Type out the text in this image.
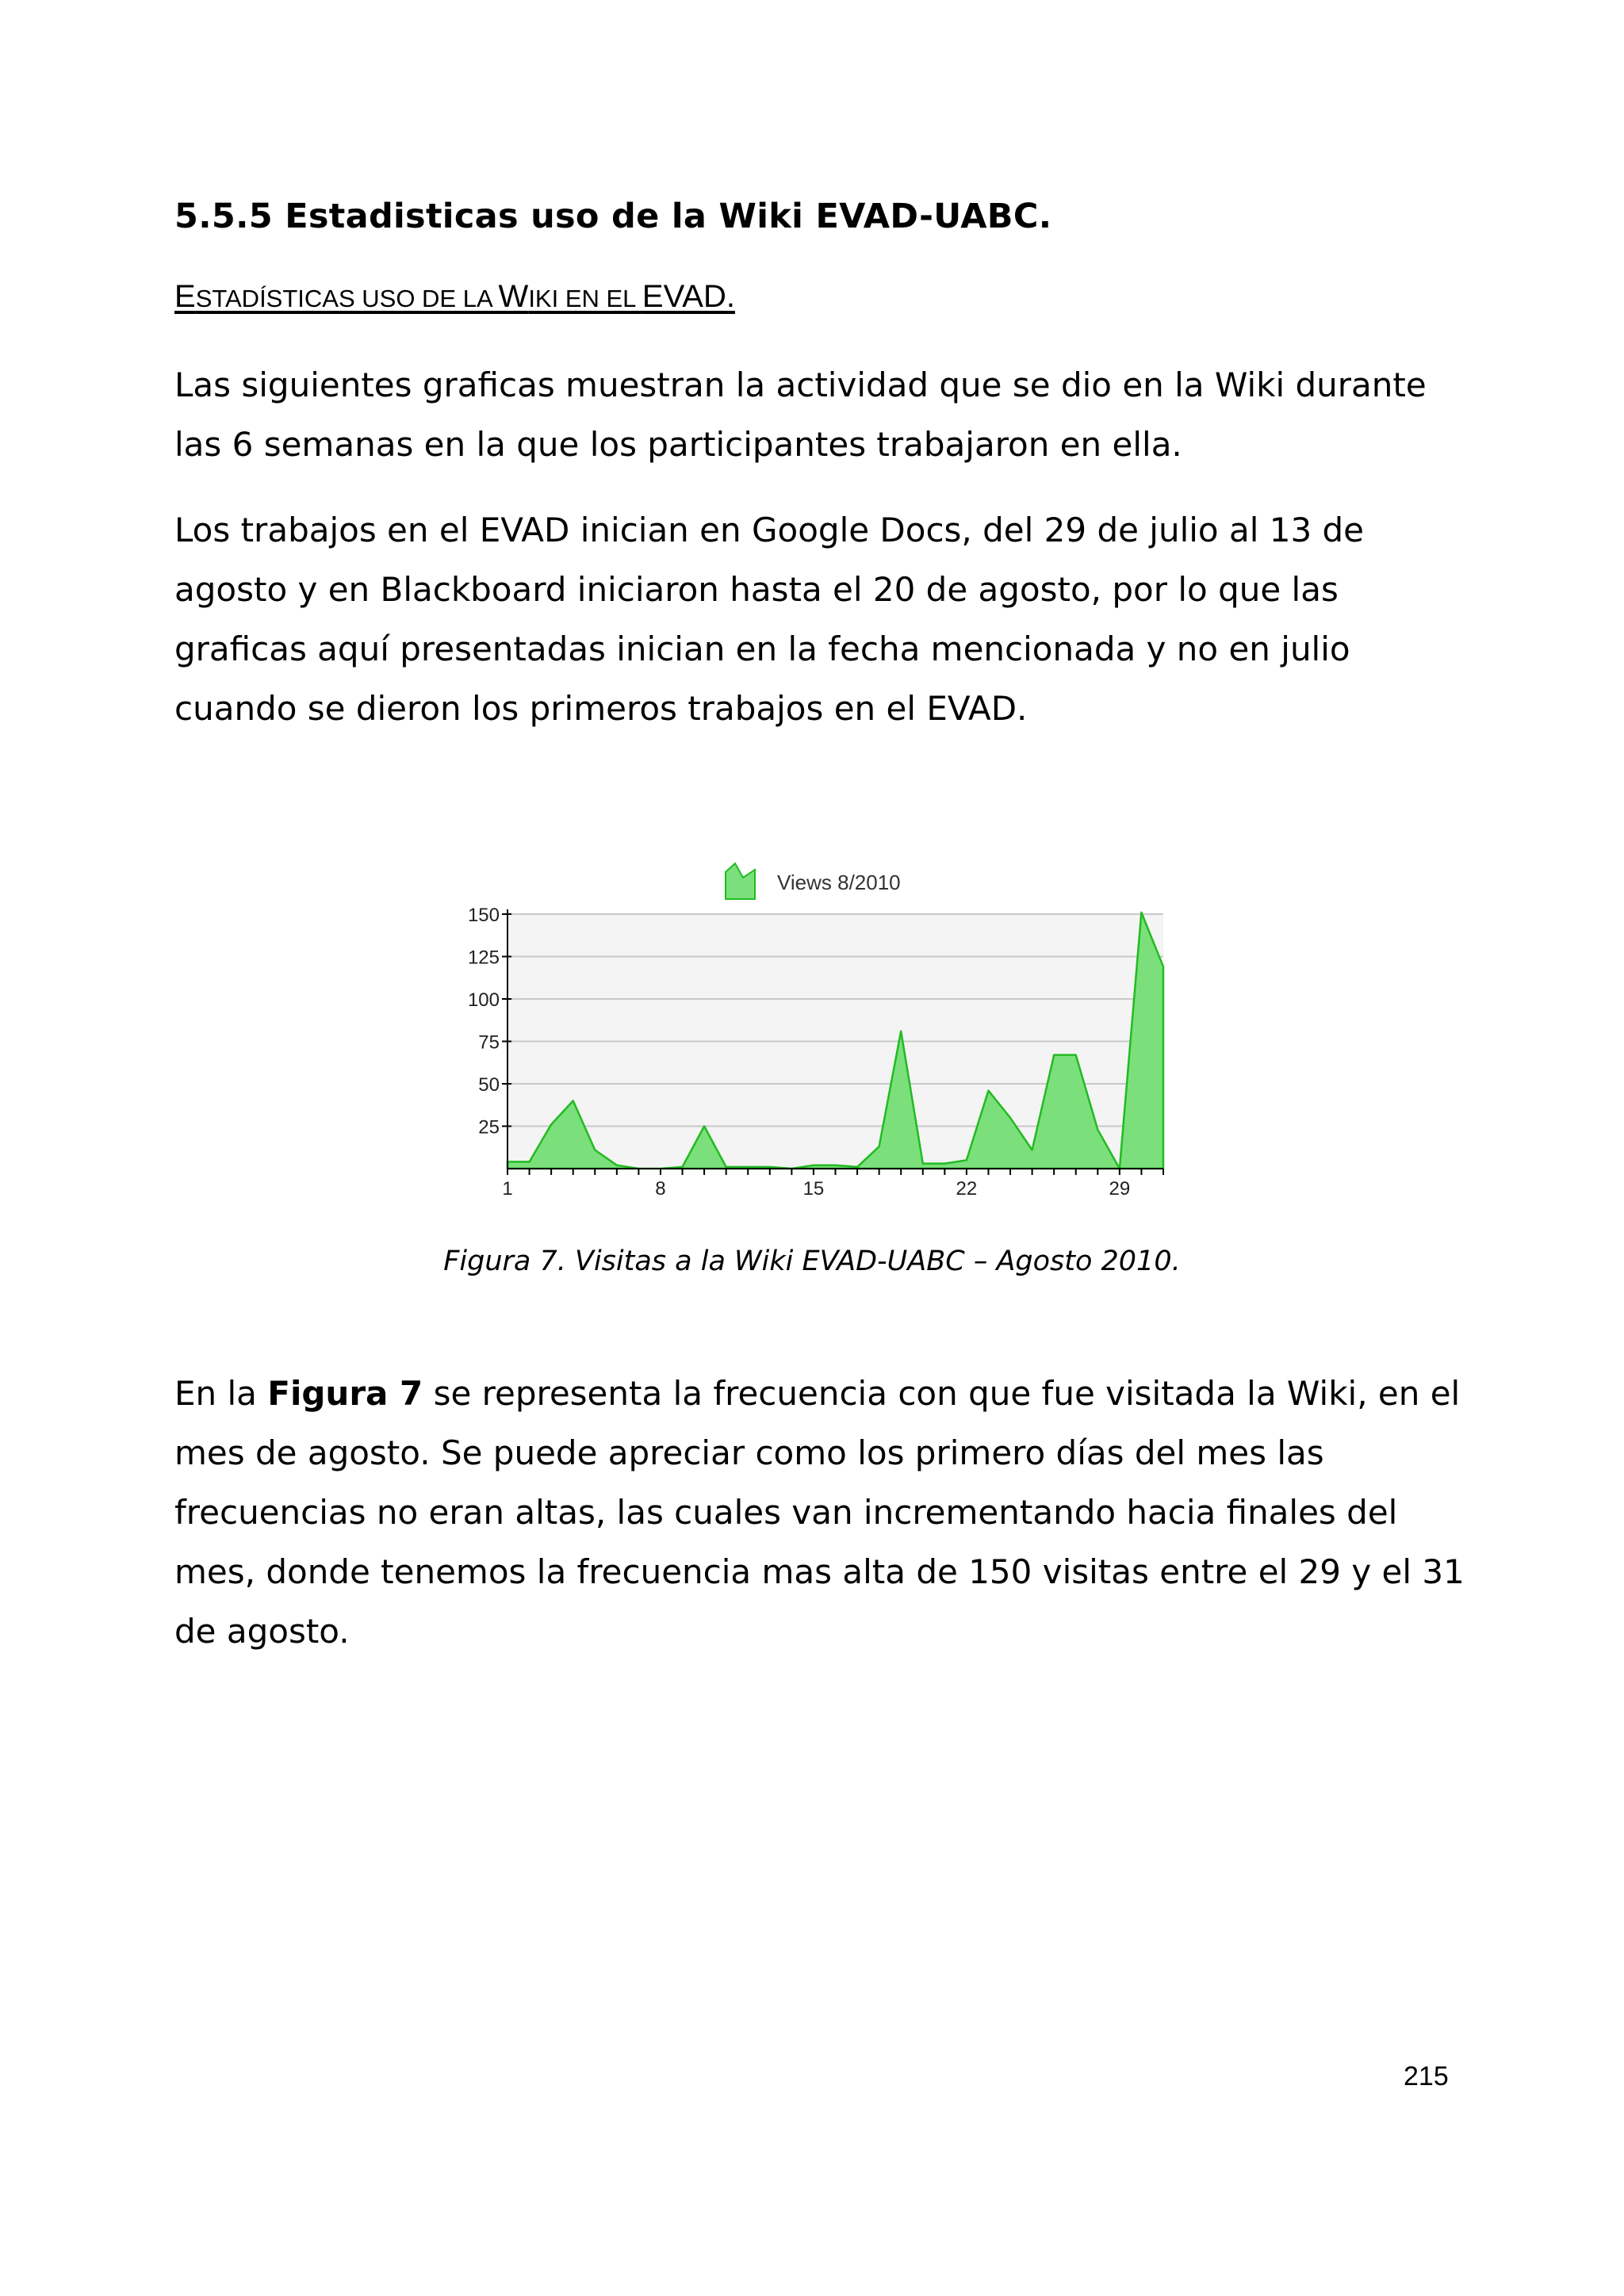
5.5.5 Estadisticas uso de la Wiki EVAD-UABC.
ESTADÍSTICAS USO DE LA WIKI EN EL EVAD.
Las siguientes graficas muestran la actividad que se dio en la Wiki durante
las 6 semanas en la que los participantes trabajaron en ella.
Los trabajos en el EVAD inician en Google Docs, del 29 de julio al 13 de
agosto y en Blackboard iniciaron hasta el 20 de agosto, por lo que las
graficas aquí presentadas inician en la fecha mencionada y no en julio
cuando se dieron los primeros trabajos en el EVAD.
Views 8/2010
25
50
75
100
125
150
1	8	15	22	29
Figura 7. Visitas a la Wiki EVAD-UABC – Agosto 2010.
En la Figura 7 se representa la frecuencia con que fue visitada la Wiki, en el
mes de agosto. Se puede apreciar como los primero días del mes las
frecuencias no eran altas, las cuales van incrementando hacia finales del
mes, donde tenemos la frecuencia mas alta de 150 visitas entre el 29 y el 31
de agosto.
215
